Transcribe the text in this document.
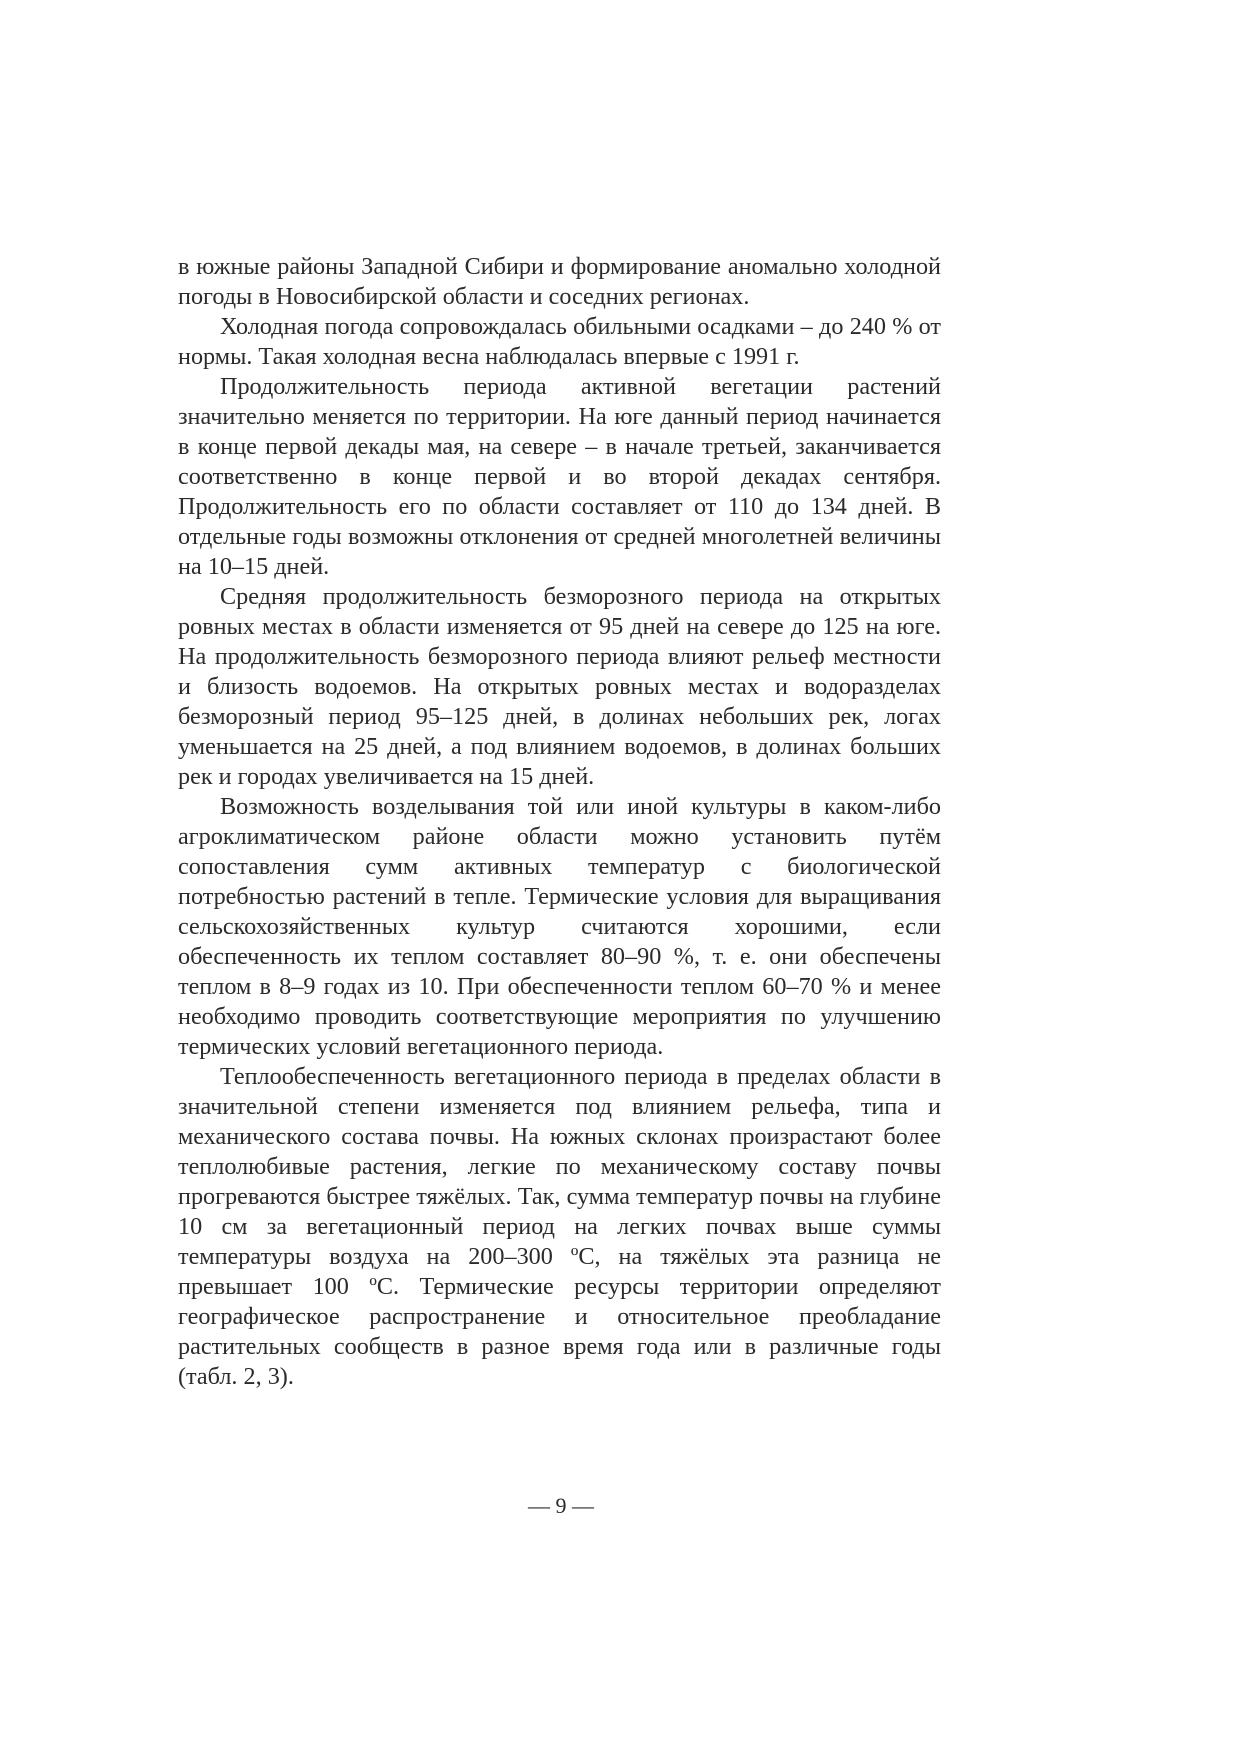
в южные районы Западной Сибири и формирование аномально холодной погоды в Новосибирской области и соседних регионах.

Холодная погода сопровождалась обильными осадками – до 240 % от нормы. Такая холодная весна наблюдалась впервые с 1991 г.

Продолжительность периода активной вегетации растений значительно меняется по территории. На юге данный период начинается в конце первой декады мая, на севере – в начале третьей, заканчивается соответственно в конце первой и во второй декадах сентября. Продолжительность его по области составляет от 110 до 134 дней. В отдельные годы возможны отклонения от средней многолетней величины на 10–15 дней.

Средняя продолжительность безморозного периода на открытых ровных местах в области изменяется от 95 дней на севере до 125 на юге. На продолжительность безморозного периода влияют рельеф местности и близость водоемов. На открытых ровных местах и водоразделах безморозный период 95–125 дней, в долинах небольших рек, логах уменьшается на 25 дней, а под влиянием водоемов, в долинах больших рек и городах увеличивается на 15 дней.

Возможность возделывания той или иной культуры в каком-либо агроклиматическом районе области можно установить путём сопоставления сумм активных температур с биологической потребностью растений в тепле. Термические условия для выращивания сельскохозяйственных культур считаются хорошими, если обеспеченность их теплом составляет 80–90 %, т. е. они обеспечены теплом в 8–9 годах из 10. При обеспеченности теплом 60–70 % и менее необходимо проводить соответствующие мероприятия по улучшению термических условий вегетационного периода.

Теплообеспеченность вегетационного периода в пределах области в значительной степени изменяется под влиянием рельефа, типа и механического состава почвы. На южных склонах произрастают более теплолюбивые растения, легкие по механическому составу почвы прогреваются быстрее тяжёлых. Так, сумма температур почвы на глубине 10 см за вегетационный период на легких почвах выше суммы температуры воздуха на 200–300 ºС, на тяжёлых эта разница не превышает 100 ºС. Термические ресурсы территории определяют географическое распространение и относительное преобладание растительных сообществ в разное время года или в различные годы (табл. 2, 3).

— 9 —
